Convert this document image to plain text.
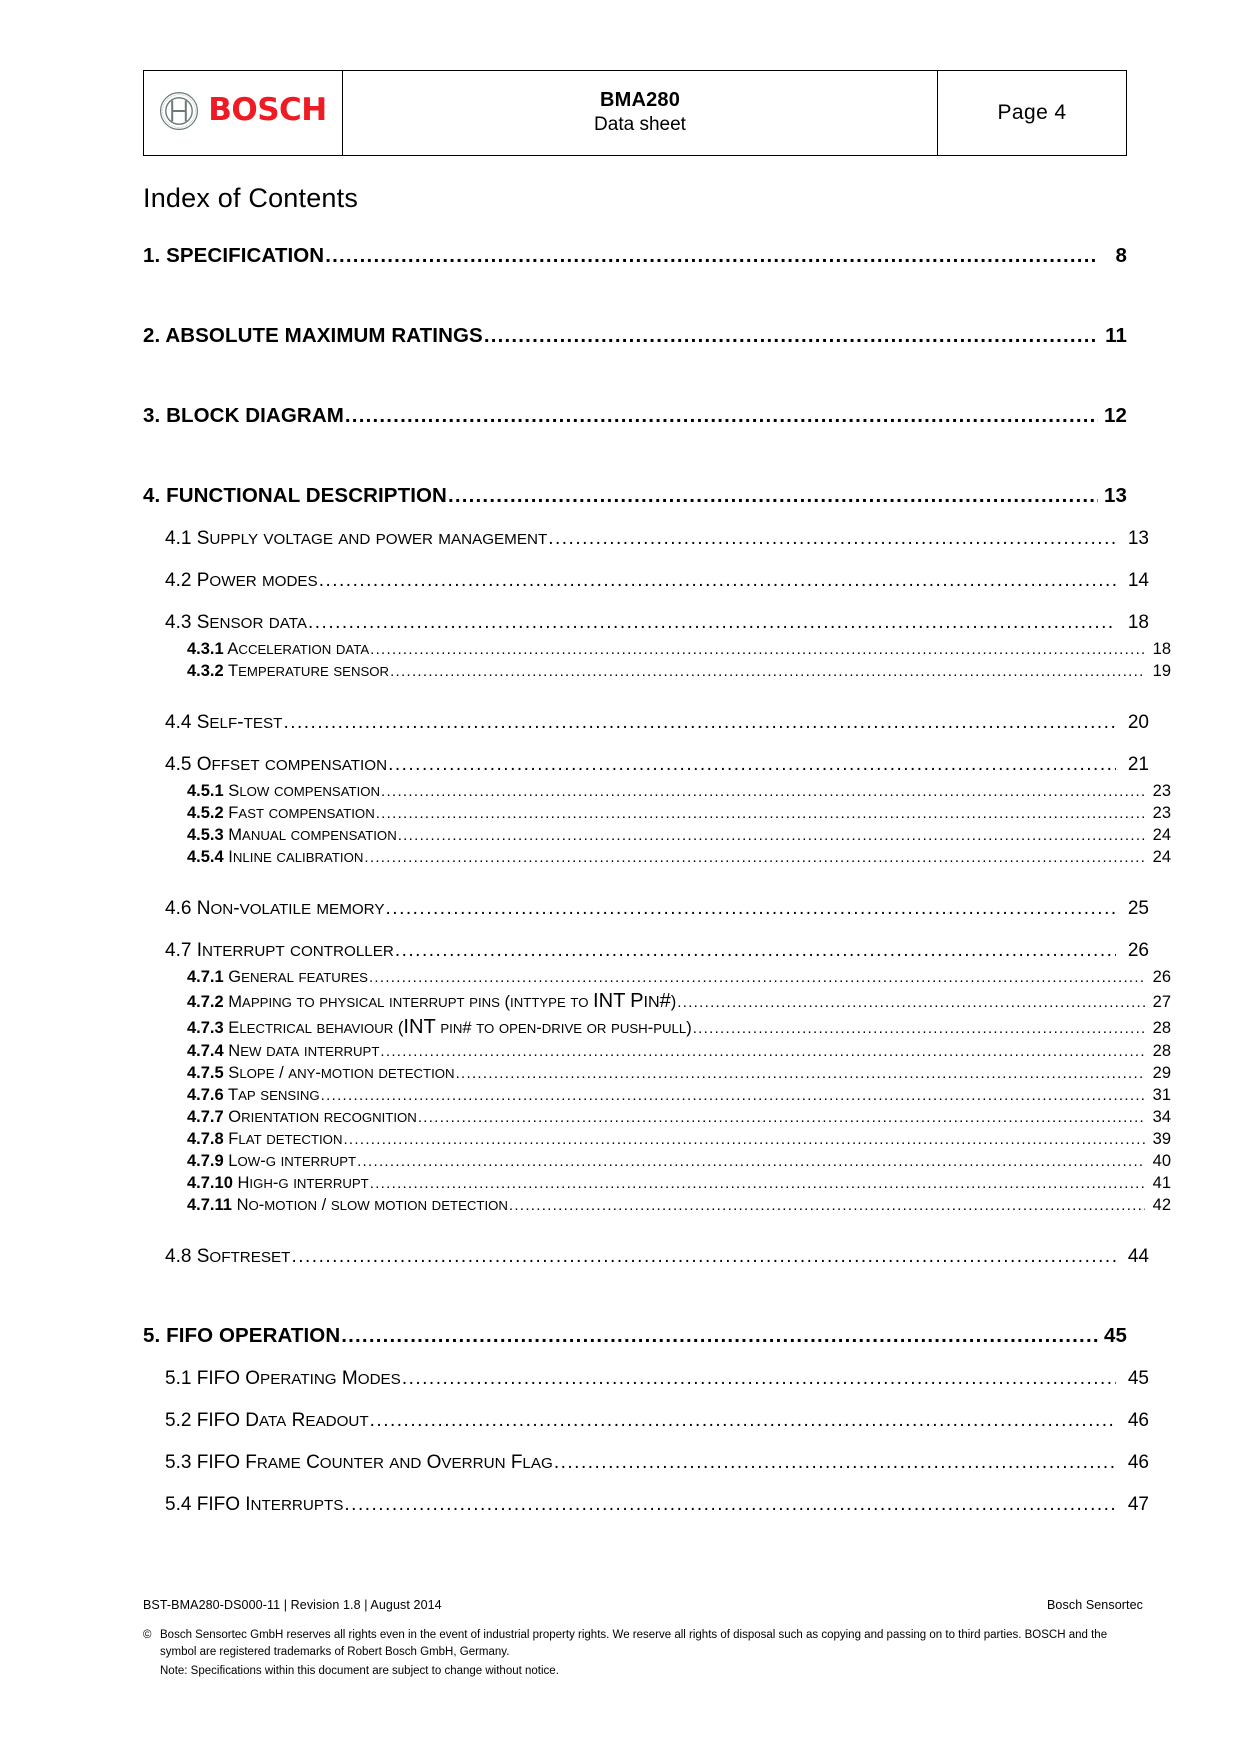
BOSCH	BMA280
Data sheet
	Page 4
Index of Contents
1. SPECIFICATION .....	8
2. ABSOLUTE MAXIMUM RATINGS .....	11
3. BLOCK DIAGRAM .....	12
4. FUNCTIONAL DESCRIPTION .....	13
4.1 SUPPLY VOLTAGE AND POWER MANAGEMENT .....	13
4.2 POWER MODES .....	14
4.3 SENSOR DATA .....	18
4.3.1 ACCELERATION DATA .....	18
4.3.2 TEMPERATURE SENSOR .....	19
4.4 SELF-TEST .....	20
4.5 OFFSET COMPENSATION .....	21
4.5.1 SLOW COMPENSATION .....	23
4.5.2 FAST COMPENSATION .....	23
4.5.3 MANUAL COMPENSATION .....	24
4.5.4 INLINE CALIBRATION .....	24
4.6 NON-VOLATILE MEMORY .....	25
4.7 INTERRUPT CONTROLLER .....	26
4.7.1 GENERAL FEATURES .....	26
4.7.2 MAPPING TO PHYSICAL INTERRUPT PINS (INTTYPE TO INT PIN#) .....	27
4.7.3 ELECTRICAL BEHAVIOUR (INT PIN# TO OPEN-DRIVE OR PUSH-PULL) .....	28
4.7.4 NEW DATA INTERRUPT .....	28
4.7.5 SLOPE / ANY-MOTION DETECTION .....	29
4.7.6 TAP SENSING .....	31
4.7.7 ORIENTATION RECOGNITION .....	34
4.7.8 FLAT DETECTION .....	39
4.7.9 LOW-G INTERRUPT .....	40
4.7.10 HIGH-G INTERRUPT .....	41
4.7.11 NO-MOTION / SLOW MOTION DETECTION .....	42
4.8 SOFTRESET .....	44
5. FIFO OPERATION .....	45
5.1 FIFO OPERATING MODES .....	45
5.2 FIFO DATA READOUT .....	46
5.3 FIFO FRAME COUNTER AND OVERRUN FLAG .....	46
5.4 FIFO INTERRUPTS .....	47
BST-BMA280-DS000-11 | Revision 1.8 | August 2014	Bosch Sensortec
© Bosch Sensortec GmbH reserves all rights even in the event of industrial property rights. We reserve all rights of disposal such as copying and passing on to third parties. BOSCH and the symbol are registered trademarks of Robert Bosch GmbH, Germany.
Note: Specifications within this document are subject to change without notice.
